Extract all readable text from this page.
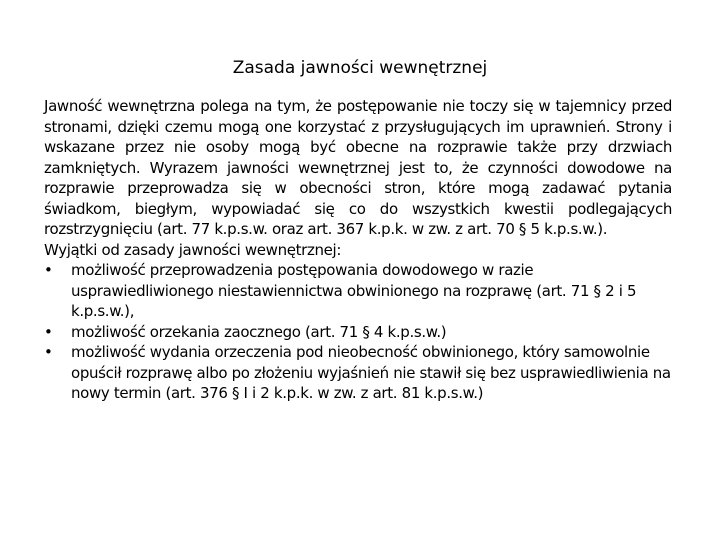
Zasada jawności wewnętrznej

Jawność wewnętrzna polega na tym, że postępowanie nie toczy się w tajemnicy przed stronami, dzięki czemu mogą one korzystać z przysługujących im uprawnień. Strony i wskazane przez nie osoby mogą być obecne na rozprawie także przy drzwiach zamkniętych. Wyrazem jawności wewnętrznej jest to, że czynności dowodowe na rozprawie przeprowadza się w obecności stron, które mogą zadawać pytania świadkom, biegłym, wypowiadać się co do wszystkich kwestii podlegających rozstrzygnięciu (art. 77 k.p.s.w. oraz art. 367 k.p.k. w zw. z art. 70 § 5 k.p.s.w.).

Wyjątki od zasady jawności wewnętrznej:

•	możliwość przeprowadzenia postępowania dowodowego w razie usprawiedliwionego niestawiennictwa obwinionego na rozprawę (art. 71 § 2 i 5 k.p.s.w.),
•	możliwość orzekania zaocznego (art. 71 § 4 k.p.s.w.)
•	możliwość wydania orzeczenia pod nieobecność obwinionego, który samowolnie opuścił rozprawę albo po złożeniu wyjaśnień nie stawił się bez usprawiedliwienia na nowy termin (art. 376 § I i 2 k.p.k. w zw. z art. 81 k.p.s.w.)
